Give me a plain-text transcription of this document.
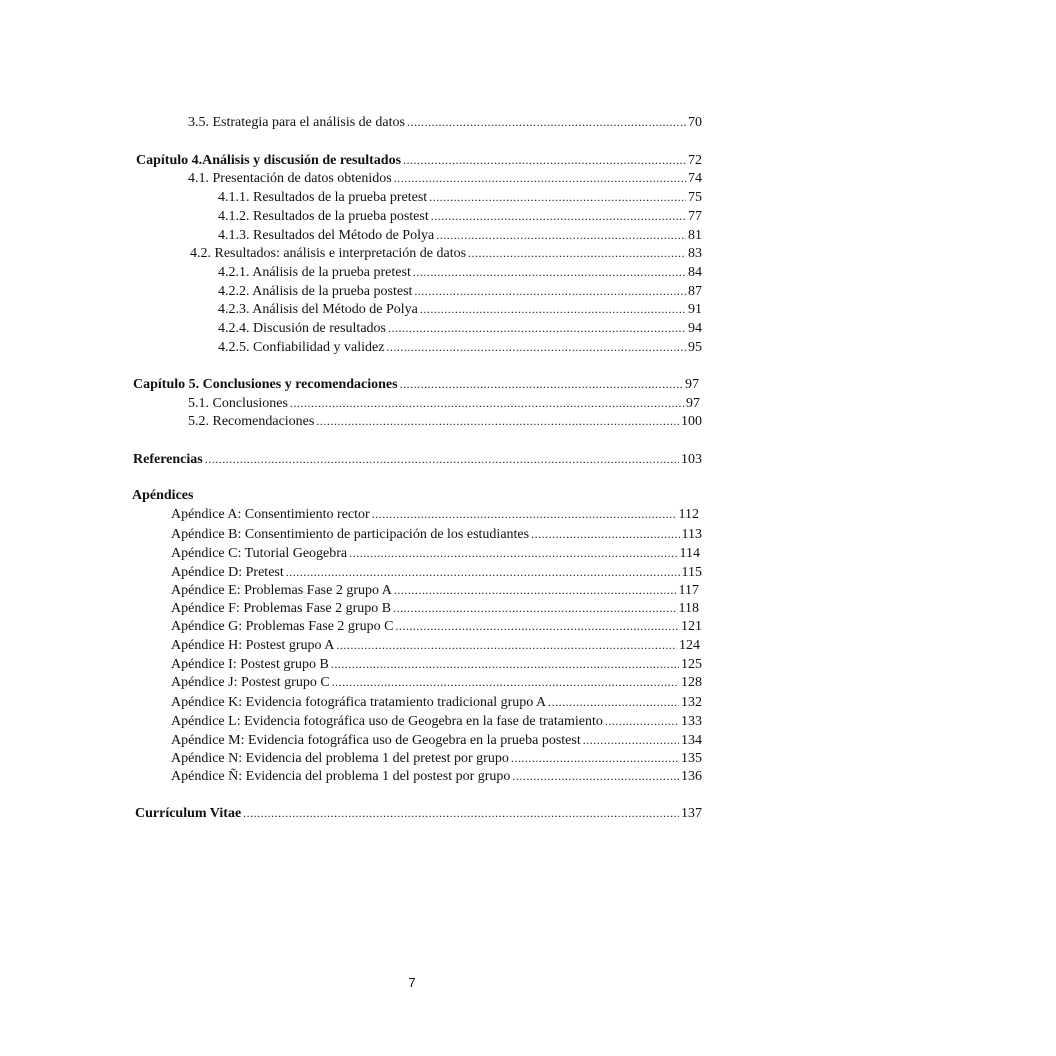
3.5. Estrategia para el análisis de datos .....	70
Capítulo 4.Análisis y discusión de resultados .....	72
4.1. Presentación de datos obtenidos .....	74
4.1.1. Resultados de la prueba pretest .....	75
4.1.2. Resultados de la prueba postest .....	77
4.1.3. Resultados del Método de Polya .....	81
4.2. Resultados: análisis e interpretación de datos .....	83
4.2.1. Análisis de la prueba pretest .....	84
4.2.2. Análisis de la prueba postest .....	87
4.2.3. Análisis del Método de Polya .....	91
4.2.4. Discusión de resultados .....	94
4.2.5. Confiabilidad y validez .....	95
Capítulo 5. Conclusiones y recomendaciones .....	97
5.1. Conclusiones .....	97
5.2. Recomendaciones .....	100
Referencias .....	103
Apéndices
Apéndice A: Consentimiento rector .....	112
Apéndice B: Consentimiento de participación de los estudiantes .....	113
Apéndice C: Tutorial Geogebra .....	114
Apéndice D: Pretest .....	115
Apéndice E: Problemas Fase 2 grupo A .....	117
Apéndice F: Problemas Fase 2 grupo B .....	118
Apéndice G: Problemas Fase 2 grupo C .....	121
Apéndice H: Postest grupo A .....	124
Apéndice I: Postest grupo B .....	125
Apéndice J: Postest grupo C .....	128
Apéndice K: Evidencia fotográfica tratamiento tradicional grupo A .....	132
Apéndice L: Evidencia fotográfica uso de Geogebra en la fase de tratamiento .....	133
Apéndice M: Evidencia fotográfica uso de Geogebra en la prueba postest .....	134
Apéndice N: Evidencia del problema 1 del pretest por grupo .....	135
Apéndice Ñ: Evidencia del problema 1 del postest por grupo .....	136
Currículum Vitae .....	137
7
